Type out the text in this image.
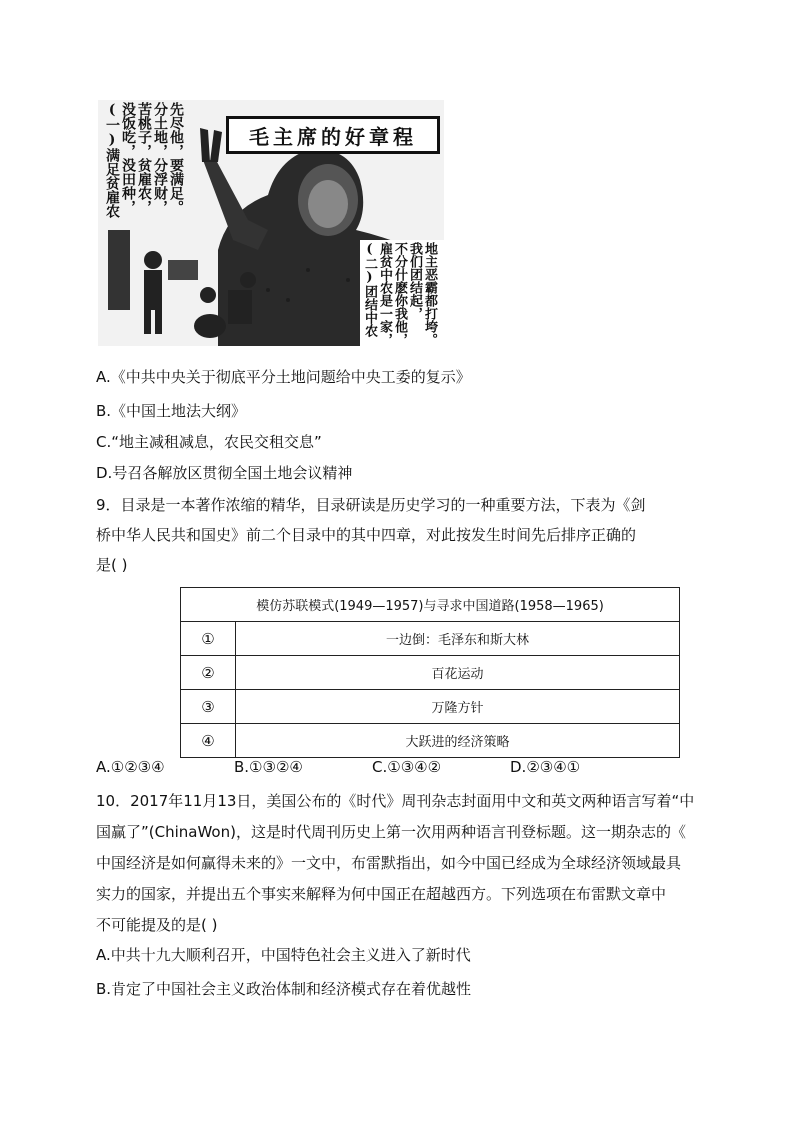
毛主席的好章程
先尽他，要满足。 分土地，分浮财， 苦桃子，贫雇农， 没饭吃，没田种， (一)满足贫雇农
地主恶霸都打垮。 我们团结起， 不分什麽你我他， 雇贫中农是一家， (二)团结中农
A.《中共中央关于彻底平分土地问题给中央工委的复示》
B.《中国土地法大纲》
C.“地主减租减息，农民交租交息”
D.号召各解放区贯彻全国土地会议精神
9．目录是一本著作浓缩的精华，目录研读是历史学习的一种重要方法，下表为《剑
桥中华人民共和国史》前二个目录中的其中四章，对此按发生时间先后排序正确的
是( )
模仿苏联模式(1949—1957)与寻求中国道路(1958—1965)	
①	一边倒：毛泽东和斯大林
②	百花运动
③	万隆方针
④	大跃进的经济策略
A.①②③④	B.①③②④	C.①③④②	D.②③④①
10．2017年11月13日，美国公布的《时代》周刊杂志封面用中文和英文两种语言写着“中
国赢了”(ChinaWon)，这是时代周刊历史上第一次用两种语言刊登标题。这一期杂志的《
中国经济是如何赢得未来的》一文中，布雷默指出，如今中国已经成为全球经济领域最具
实力的国家，并提出五个事实来解释为何中国正在超越西方。下列选项在布雷默文章中
不可能提及的是( )
A.中共十九大顺利召开，中国特色社会主义进入了新时代
B.肯定了中国社会主义政治体制和经济模式存在着优越性
